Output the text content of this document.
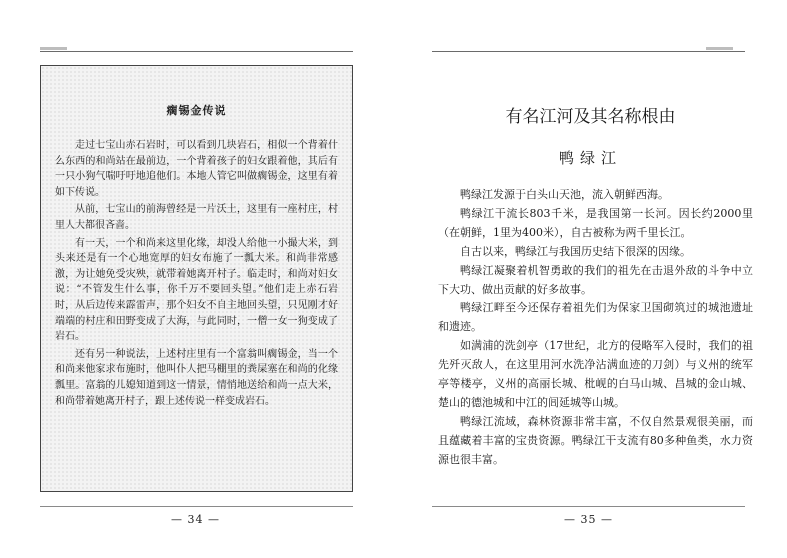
瘸锡金传说

走过七宝山赤石岩时，可以看到几块岩石，相似一个背着什么东西的和尚站在最前边，一个背着孩子的妇女跟着他，其后有一只小狗气喘吁吁地追他们。本地人管它叫做瘸锡金，这里有着如下传说。

从前，七宝山的前海曾经是一片沃土，这里有一座村庄，村里人大都很吝啬。

有一天，一个和尚来这里化缘，却没人给他一小撮大米，到头来还是有一个心地宽厚的妇女布施了一瓢大米。和尚非常感激，为让她免受灾殃，就带着她离开村子。临走时，和尚对妇女说：“不管发生什么事，你千万不要回头望。”他们走上赤石岩时，从后边传来霹雷声，那个妇女不自主地回头望，只见刚才好端端的村庄和田野变成了大海，与此同时，一僧一女一狗变成了岩石。

还有另一种说法，上述村庄里有一个富翁叫瘸锡金，当一个和尚来他家求布施时，他叫仆人把马棚里的粪屎塞在和尚的化缘瓢里。富翁的儿媳知道到这一情景，情悄地送给和尚一点大米，和尚带着她离开村子，跟上述传说一样变成岩石。

— 34 —
有名江河及其名称根由
鸭绿江

鸭绿江发源于白头山天池，流入朝鲜西海。

鸭绿江干流长803千米，是我国第一长河。因长约2000里（在朝鲜，1里为400米），自古被称为两千里长江。

自古以来，鸭绿江与我国历史结下很深的因缘。

鸭绿江凝聚着机智勇敢的我们的祖先在击退外敌的斗争中立下大功、做出贡献的好多故事。

鸭绿江畔至今还保存着祖先们为保家卫国砌筑过的城池遗址和遗迹。

如满浦的洗剑亭（17世纪，北方的侵略军入侵时，我们的祖先歼灭敌人，在这里用河水洗净沾满血迹的刀剑）与义州的统军亭等楼亭，义州的高丽长城、枇岘的白马山城、昌城的金山城、楚山的德池城和中江的闾延城等山城。

鸭绿江流域，森林资源非常丰富，不仅自然景观很美丽，而且蕴藏着丰富的宝贵资源。鸭绿江干支流有80多种鱼类，水力资源也很丰富。

— 35 —
